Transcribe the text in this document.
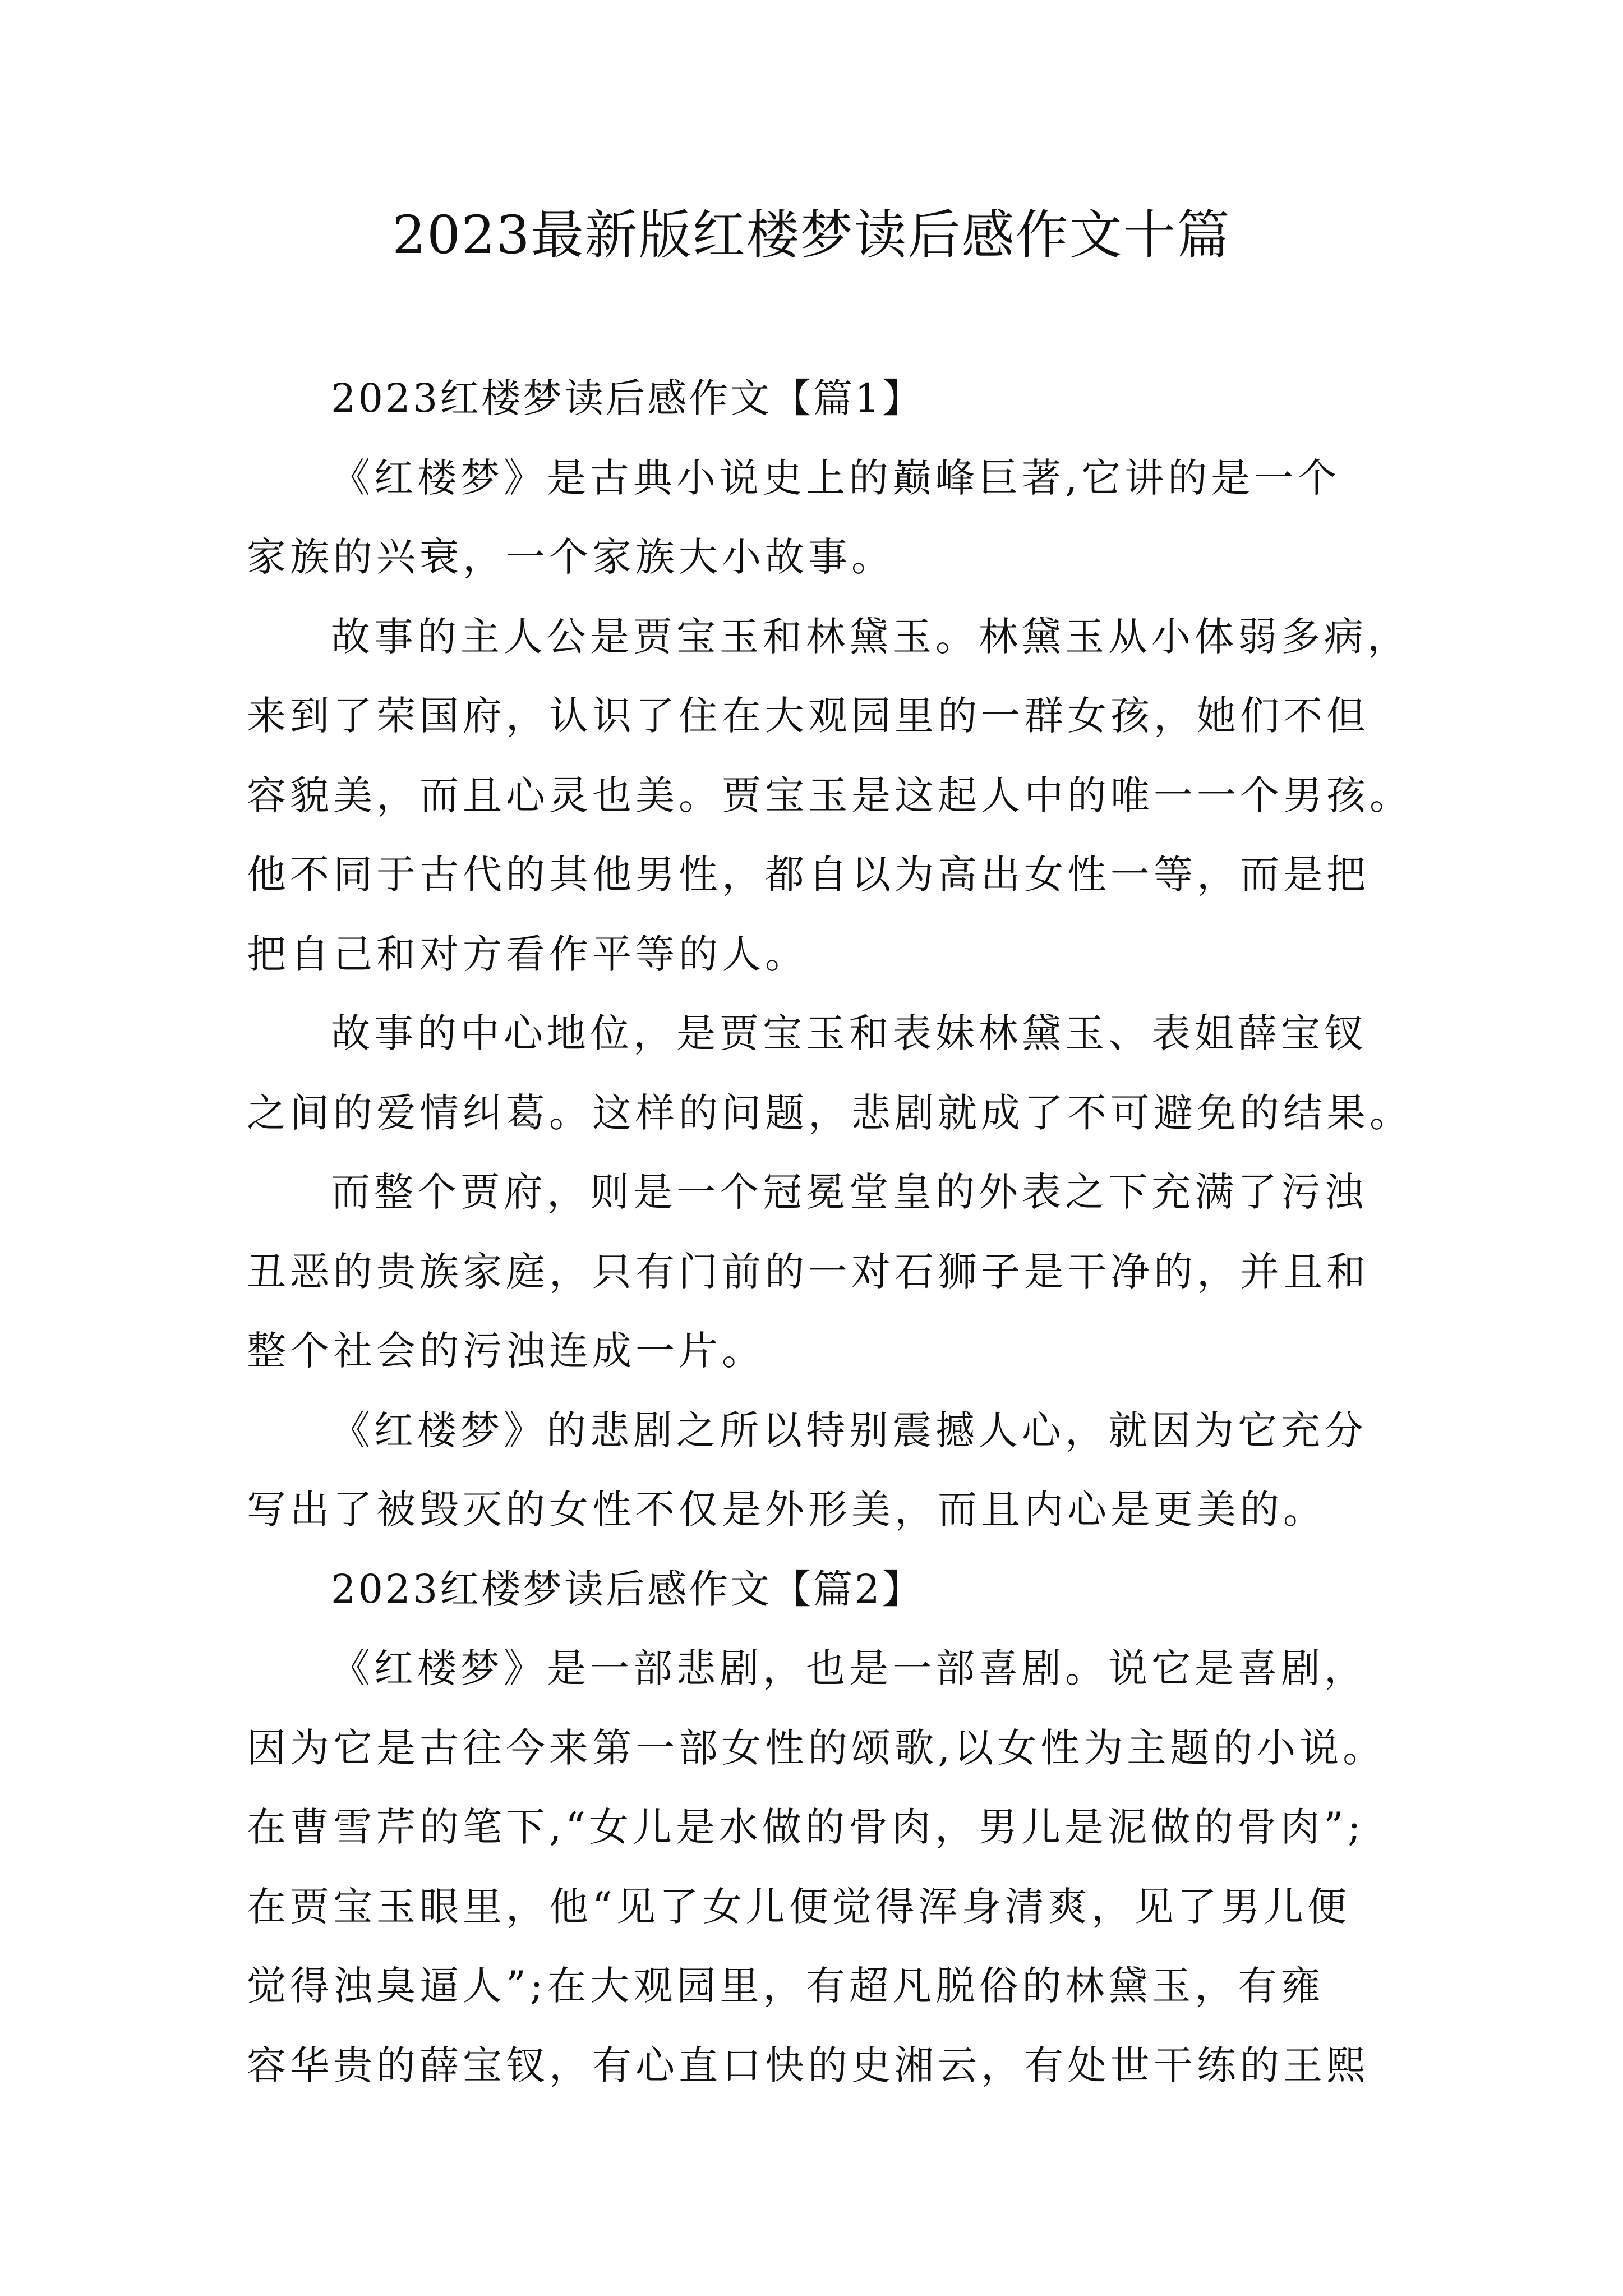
2023最新版红楼梦读后感作文十篇
2023红楼梦读后感作文【篇1】
《红楼梦》是古典小说史上的巅峰巨著,它讲的是一个
家族的兴衰，一个家族大小故事。
故事的主人公是贾宝玉和林黛玉。林黛玉从小体弱多病，
来到了荣国府，认识了住在大观园里的一群女孩，她们不但
容貌美，而且心灵也美。贾宝玉是这起人中的唯一一个男孩。
他不同于古代的其他男性，都自以为高出女性一等，而是把
把自己和对方看作平等的人。
故事的中心地位，是贾宝玉和表妹林黛玉、表姐薛宝钗
之间的爱情纠葛。这样的问题，悲剧就成了不可避免的结果。
而整个贾府，则是一个冠冕堂皇的外表之下充满了污浊
丑恶的贵族家庭，只有门前的一对石狮子是干净的，并且和
整个社会的污浊连成一片。
《红楼梦》的悲剧之所以特别震撼人心，就因为它充分
写出了被毁灭的女性不仅是外形美，而且内心是更美的。
2023红楼梦读后感作文【篇2】
《红楼梦》是一部悲剧，也是一部喜剧。说它是喜剧，
因为它是古往今来第一部女性的颂歌,以女性为主题的小说。
在曹雪芹的笔下,“女儿是水做的骨肉，男儿是泥做的骨肉”;
在贾宝玉眼里，他“见了女儿便觉得浑身清爽，见了男儿便
觉得浊臭逼人”;在大观园里，有超凡脱俗的林黛玉，有雍
容华贵的薛宝钗，有心直口快的史湘云，有处世干练的王熙
